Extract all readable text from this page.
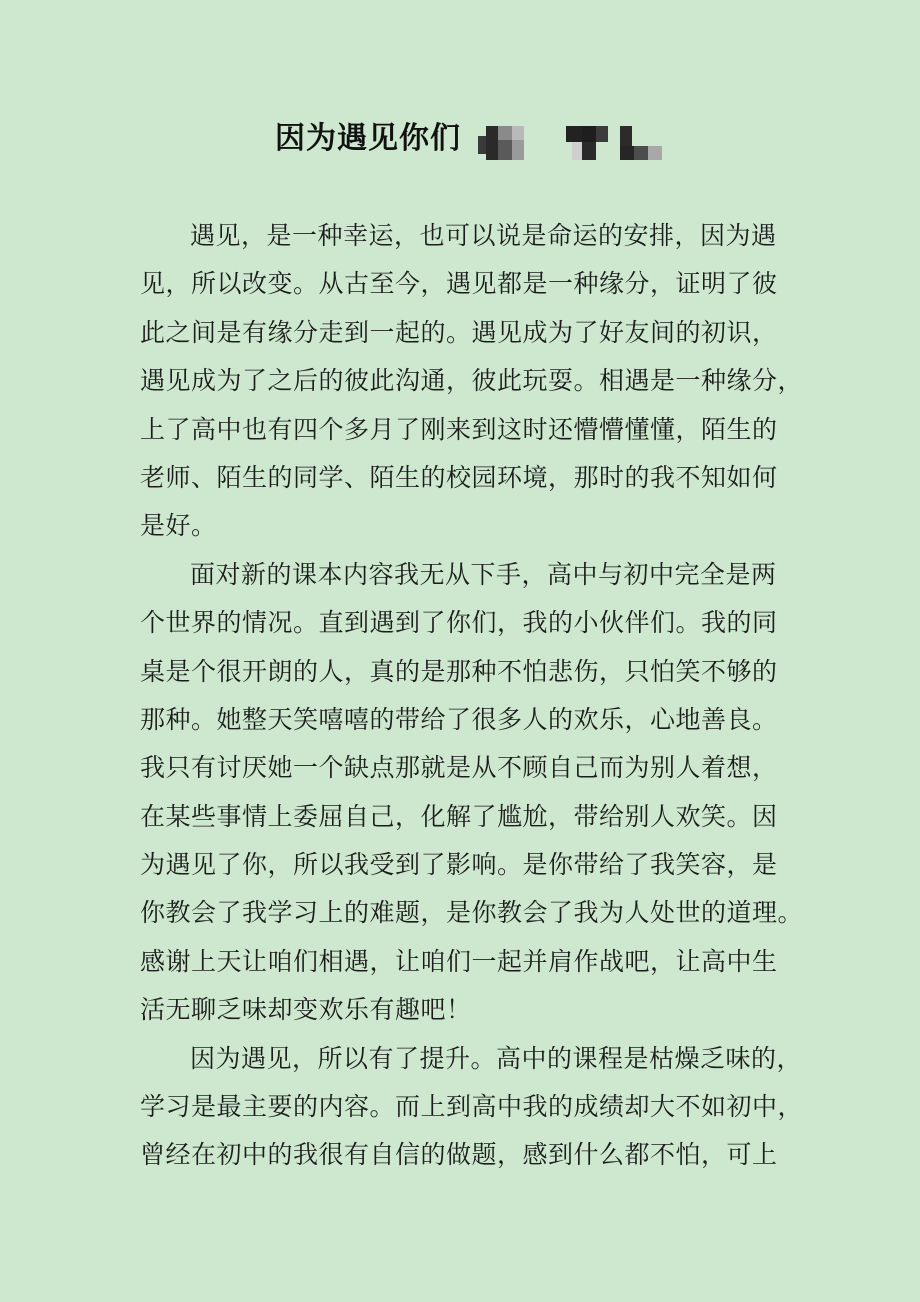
因为遇见你们
遇见，是一种幸运，也可以说是命运的安排，因为遇
见，所以改变。从古至今，遇见都是一种缘分，证明了彼
此之间是有缘分走到一起的。遇见成为了好友间的初识，
遇见成为了之后的彼此沟通，彼此玩耍。相遇是一种缘分，
上了高中也有四个多月了刚来到这时还懵懵懂懂，陌生的
老师、陌生的同学、陌生的校园环境，那时的我不知如何
是好。
面对新的课本内容我无从下手，高中与初中完全是两
个世界的情况。直到遇到了你们，我的小伙伴们。我的同
桌是个很开朗的人，真的是那种不怕悲伤，只怕笑不够的
那种。她整天笑嘻嘻的带给了很多人的欢乐，心地善良。
我只有讨厌她一个缺点那就是从不顾自己而为别人着想，
在某些事情上委屈自己，化解了尴尬，带给别人欢笑。因
为遇见了你，所以我受到了影响。是你带给了我笑容，是
你教会了我学习上的难题，是你教会了我为人处世的道理。
感谢上天让咱们相遇，让咱们一起并肩作战吧，让高中生
活无聊乏味却变欢乐有趣吧！
因为遇见，所以有了提升。高中的课程是枯燥乏味的，
学习是最主要的内容。而上到高中我的成绩却大不如初中，
曾经在初中的我很有自信的做题，感到什么都不怕，可上
